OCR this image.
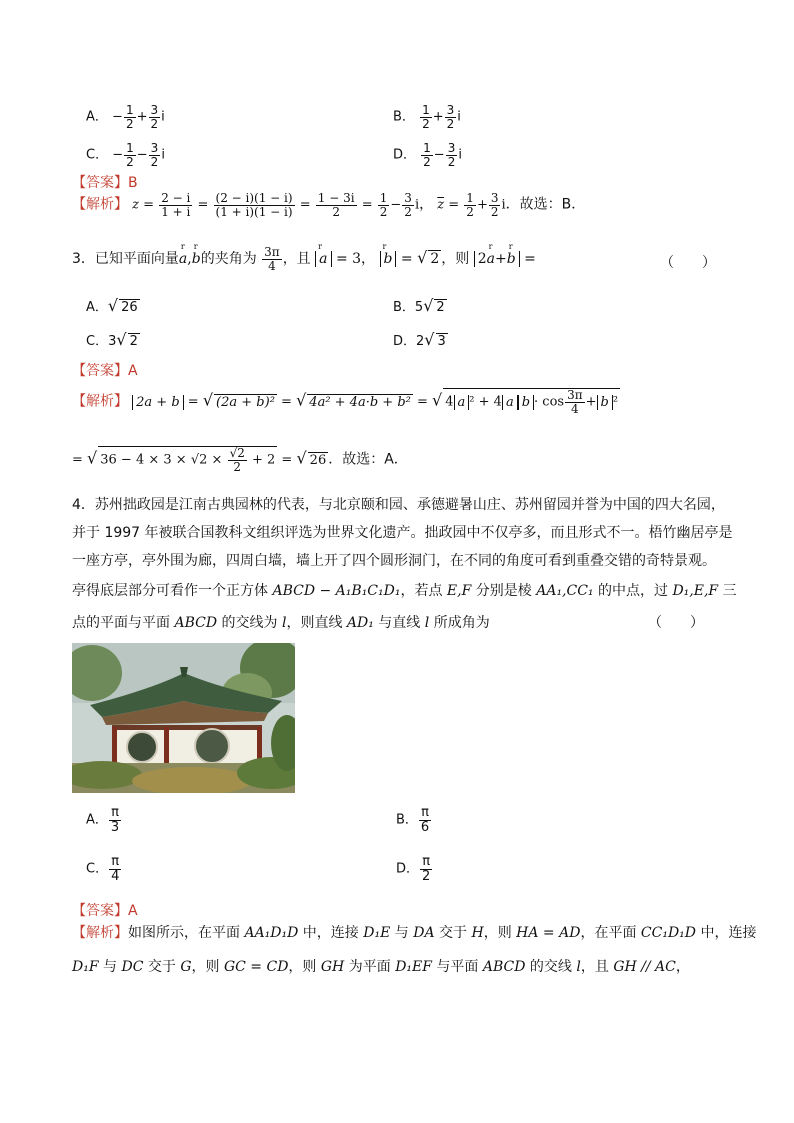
A． − $\frac{1}{2} + \frac{3}{2}$ i	B． $\frac{1}{2} + \frac{3}{2}$ i
C． − $\frac{1}{2} - \frac{3}{2}$ i	D． $\frac{1}{2} - \frac{3}{2}$ i
【答案】B
【解析】 $z = \frac{2 - i}{1 + i} = \frac{(2 - i)(1 - i)}{(1 + i)(1 - i)} = \frac{1 - 3i}{2} = \frac{1}{2} - \frac{3}{2}$ i， $\overline{z} = \frac{1}{2} + \frac{3}{2}$ i．故选：B．
3．已知平面向量r a,r b的夹角为 $\frac{3\pi}{4}$ ，且 r a = 3， r b = √ 2 ，则 2r a+r b =	（　　）
A．√ 26	B．5√ 2
C．3√ 2	D．2√ 3
【答案】A
【解析】 2a + b = √ (2a + b)² = √ 4a² + 4a·b + b² = √ 4 a ² + 4 a $b \cdot \cos \frac{3\pi}{4} + b$ ²
= √ $36 - 4 \times 3 \times √2 \times \frac{√2}{2} + 2$ = √ 26 ．故选：A．
4．苏州拙政园是江南古典园林的代表，与北京颐和园、承德避暑山庄、苏州留园并誉为中国的四大名园，
并于 1997 年被联合国教科文组织评选为世界文化遗产。拙政园中不仅亭多，而且形式不一。梧竹幽居亭是
一座方亭，亭外围为廊，四周白墙，墙上开了四个圆形洞门，在不同的角度可看到重叠交错的奇特景观。
亭得底层部分可看作一个正方体 ABCD − A₁B₁C₁D₁，若点 E,F 分别是棱 AA₁,CC₁ 的中点，过 D₁,E,F 三
点的平面与平面 ABCD 的交线为 l，则直线 AD₁ 与直线 l 所成角为	（　　）
A． $\frac{\pi}{3}$	B． $\frac{\pi}{6}$
C． $\frac{\pi}{4}$	D． $\frac{\pi}{2}$
【答案】A
【解析】如图所示，在平面 AA₁D₁D 中，连接 D₁E 与 DA 交于 H，则 HA = AD，在平面 CC₁D₁D 中，连接
D₁F 与 DC 交于 G，则 GC = CD，则 GH 为平面 D₁EF 与平面 ABCD 的交线 l，且 GH // AC，
